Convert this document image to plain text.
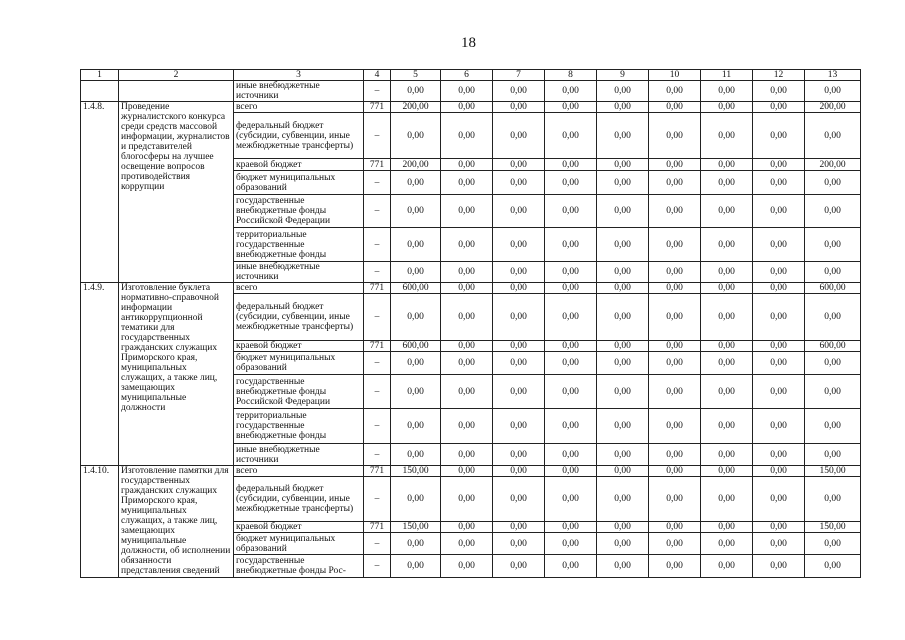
18
1	2	3	4	5	6	7	8	9	10	11	12	13
		иные внебюджетные источники	–	0,00	0,00	0,00	0,00	0,00	0,00	0,00	0,00	0,00
1.4.8.	Проведение журналистского конкурса среди средств массовой информации, журналистов и представителей блогосферы на лучшее освещение вопросов противодействия коррупции	всего	771	200,00	0,00	0,00	0,00	0,00	0,00	0,00	0,00	200,00
		федеральный бюджет (субсидии, субвенции, иные межбюджетные трансферты)	–	0,00	0,00	0,00	0,00	0,00	0,00	0,00	0,00	0,00
		краевой бюджет	771	200,00	0,00	0,00	0,00	0,00	0,00	0,00	0,00	200,00
		бюджет муниципальных образований	–	0,00	0,00	0,00	0,00	0,00	0,00	0,00	0,00	0,00
		государственные внебюджетные фонды Российской Федерации	–	0,00	0,00	0,00	0,00	0,00	0,00	0,00	0,00	0,00
		территориальные государственные внебюджетные фонды	–	0,00	0,00	0,00	0,00	0,00	0,00	0,00	0,00	0,00
		иные внебюджетные источники	–	0,00	0,00	0,00	0,00	0,00	0,00	0,00	0,00	0,00
1.4.9.	Изготовление буклета нормативно-справочной информации антикоррупционной тематики для государственных гражданских служащих Приморского края, муниципальных служащих, а также лиц, замещающих муниципальные должности	всего	771	600,00	0,00	0,00	0,00	0,00	0,00	0,00	0,00	600,00
		федеральный бюджет (субсидии, субвенции, иные межбюджетные трансферты)	–	0,00	0,00	0,00	0,00	0,00	0,00	0,00	0,00	0,00
		краевой бюджет	771	600,00	0,00	0,00	0,00	0,00	0,00	0,00	0,00	600,00
		бюджет муниципальных образований	–	0,00	0,00	0,00	0,00	0,00	0,00	0,00	0,00	0,00
		государственные внебюджетные фонды Российской Федерации	–	0,00	0,00	0,00	0,00	0,00	0,00	0,00	0,00	0,00
		территориальные государственные внебюджетные фонды	–	0,00	0,00	0,00	0,00	0,00	0,00	0,00	0,00	0,00
		иные внебюджетные источники	–	0,00	0,00	0,00	0,00	0,00	0,00	0,00	0,00	0,00
1.4.10.	Изготовление памятки для государственных гражданских служащих Приморского края, муниципальных служащих, а также лиц, замещающих муниципальные должности, об исполнении обязанности представления сведений	всего	771	150,00	0,00	0,00	0,00	0,00	0,00	0,00	0,00	150,00
		федеральный бюджет (субсидии, субвенции, иные межбюджетные трансферты)	–	0,00	0,00	0,00	0,00	0,00	0,00	0,00	0,00	0,00
		краевой бюджет	771	150,00	0,00	0,00	0,00	0,00	0,00	0,00	0,00	150,00
		бюджет муниципальных образований	–	0,00	0,00	0,00	0,00	0,00	0,00	0,00	0,00	0,00
		государственные внебюджетные фонды Рос-	–	0,00	0,00	0,00	0,00	0,00	0,00	0,00	0,00	0,00
